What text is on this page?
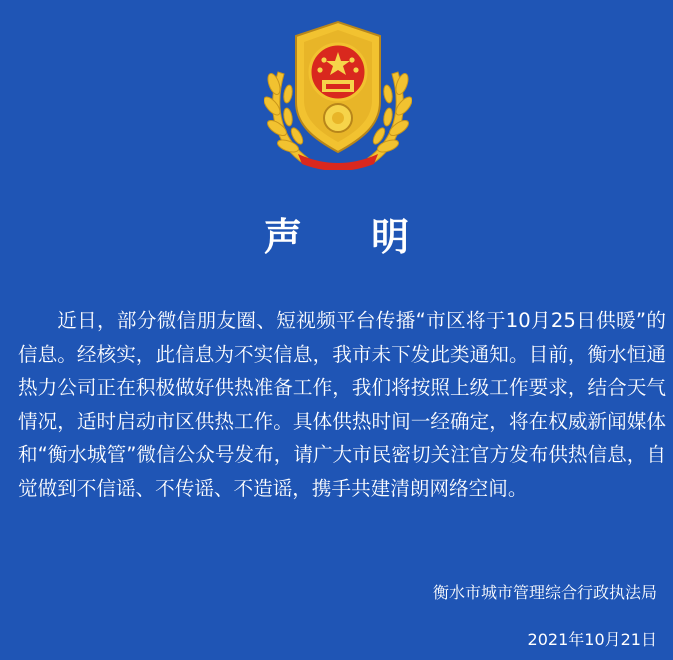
声 明

近日，部分微信朋友圈、短视频平台传播“市区将于10月25日供暖”的信息。经核实，此信息为不实信息，我市未下发此类通知。目前，衡水恒通热力公司正在积极做好供热准备工作，我们将按照上级工作要求，结合天气情况，适时启动市区供热工作。具体供热时间一经确定，将在权威新闻媒体和“衡水城管”微信公众号发布，请广大市民密切关注官方发布供热信息，自觉做到不信谣、不传谣、不造谣，携手共建清朗网络空间。

衡水市城市管理综合行政执法局
2021年10月21日
